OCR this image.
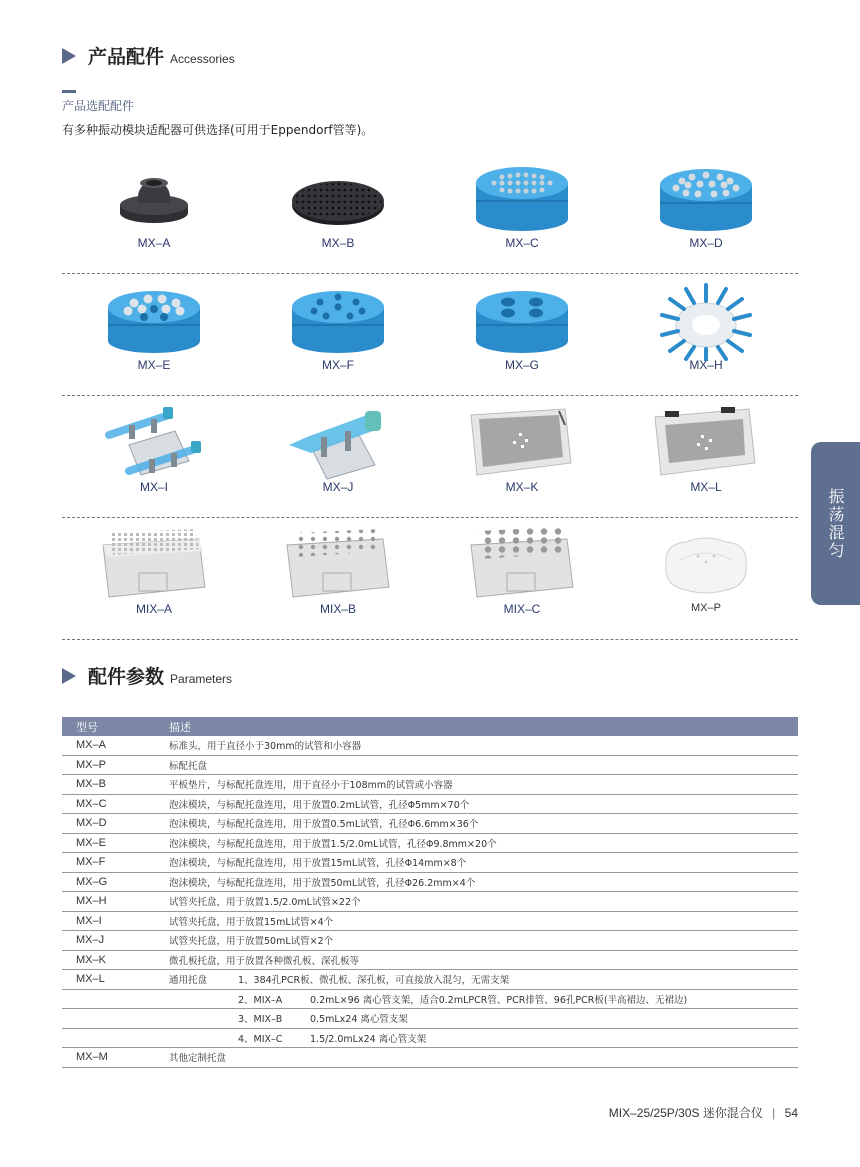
产品配件 Accessories
产品选配配件
有多种振动模块适配器可供选择(可用于Eppendorf管等)。
MX–A	MX–B	MX–C	MX–D
MX–E	MX–F	MX–G	MX–H
MX–I	MX–J	MX–K	MX–L
MIX–A	MIX–B	MIX–C	MX–P
振荡混匀
配件参数 Parameters
型号	描述
MX–A	标准头，用于直径小于30mm的试管和小容器
MX–P	标配托盘
MX–B	平板垫片，与标配托盘连用，用于直径小于108mm的试管或小容器
MX–C	泡沫模块，与标配托盘连用，用于放置0.2mL试管，孔径Φ5mm×70个
MX–D	泡沫模块，与标配托盘连用，用于放置0.5mL试管，孔径Φ6.6mm×36个
MX–E	泡沫模块，与标配托盘连用，用于放置1.5/2.0mL试管，孔径Φ9.8mm×20个
MX–F	泡沫模块，与标配托盘连用，用于放置15mL试管，孔径Φ14mm×8个
MX–G	泡沫模块，与标配托盘连用，用于放置50mL试管，孔径Φ26.2mm×4个
MX–H	试管夹托盘，用于放置1.5/2.0mL试管×22个
MX–I	试管夹托盘，用于放置15mL试管×4个
MX–J	试管夹托盘，用于放置50mL试管×2个
MX–K	微孔板托盘，用于放置各种微孔板、深孔板等
MX–L	通用托盘 1、384孔PCR板、微孔板、深孔板，可直接放入混匀，无需支架
	2、MIX–A 0.2mL×96 离心管支架，适合0.2mLPCR管、PCR排管、96孔PCR板(半高裙边、无裙边)
	3、MIX–B 0.5mLx24 离心管支架
	4、MIX–C 1.5/2.0mLx24 离心管支架
MX–M	其他定制托盘
MIX–25/25P/30S 迷你混合仪 | 54
